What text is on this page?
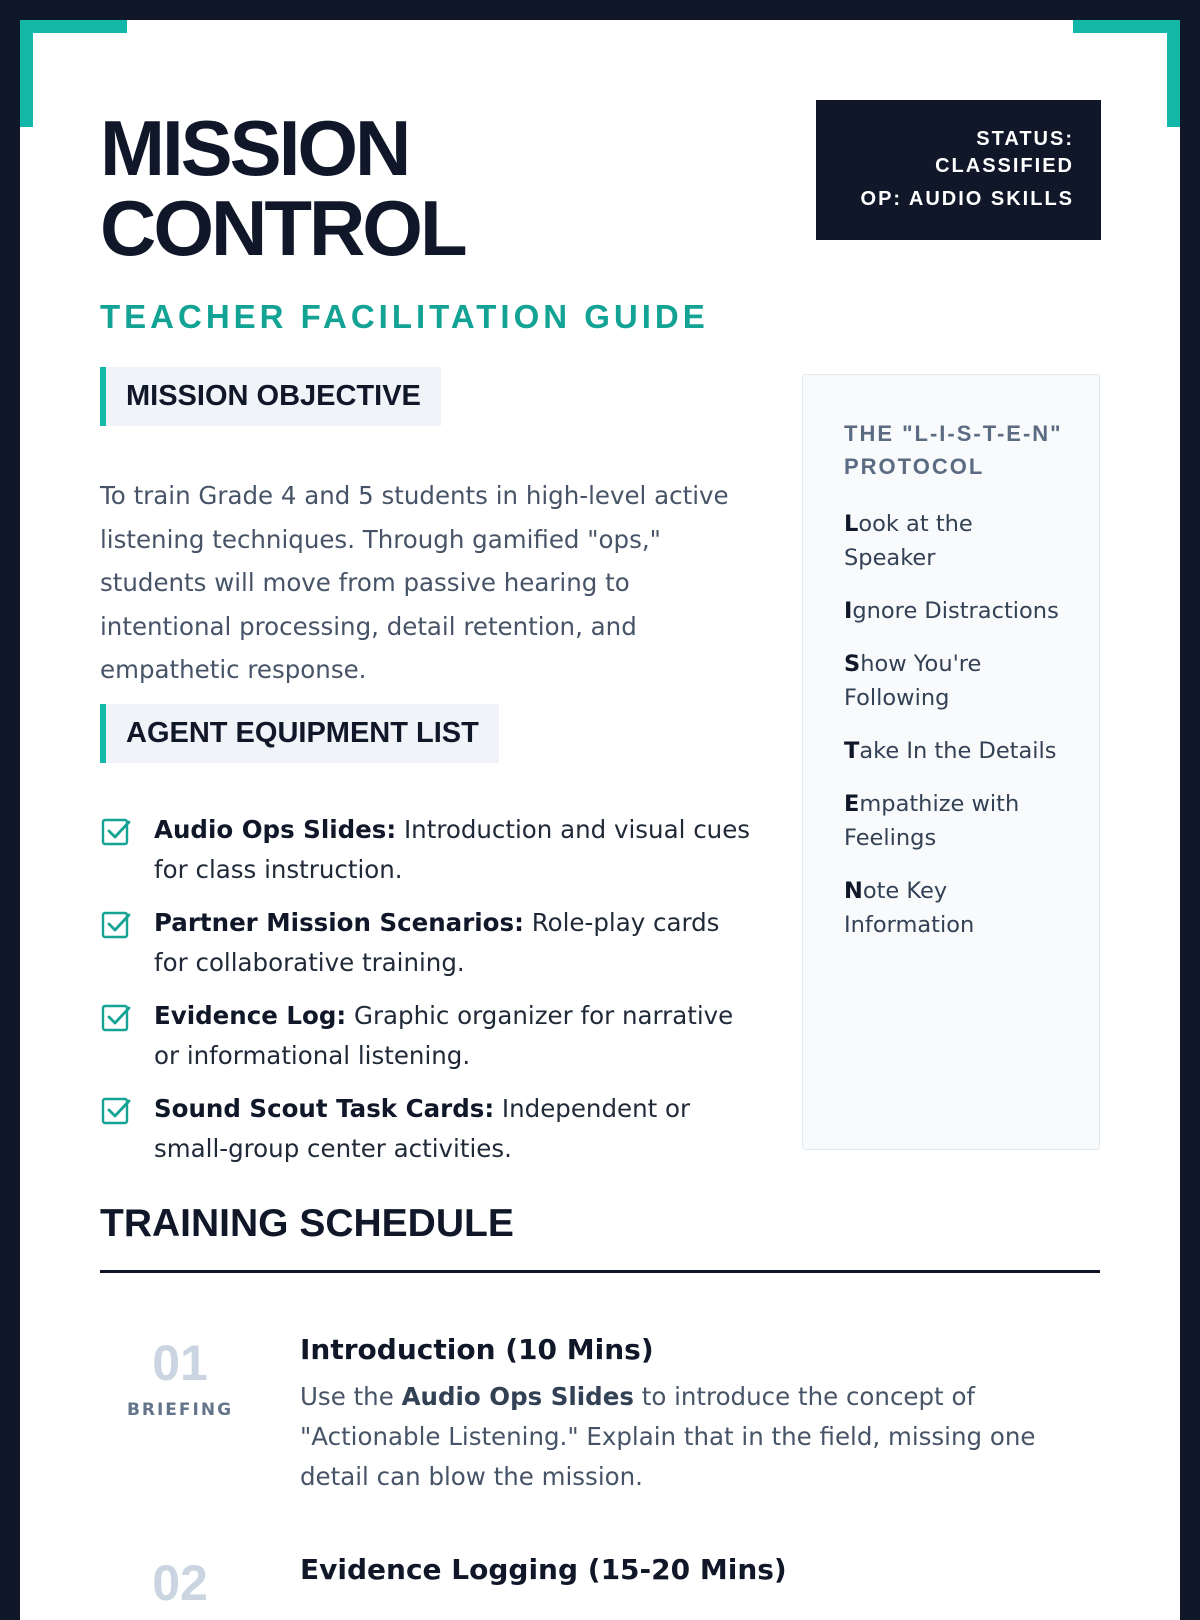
MISSION
CONTROL
TEACHER FACILITATION GUIDE
STATUS: CLASSIFIED
OP: AUDIO SKILLS
MISSION OBJECTIVE

To train Grade 4 and 5 students in high-level active listening techniques. Through gamified "ops," students will move from passive hearing to intentional processing, detail retention, and empathetic response.

AGENT EQUIPMENT LIST
Audio Ops Slides: Introduction and visual cues for class instruction.
Partner Mission Scenarios: Role-play cards for collaborative training.
Evidence Log: Graphic organizer for narrative or informational listening.
Sound Scout Task Cards: Independent or small-group center activities.
THE "L-I-S-T-E-N" PROTOCOL
Look at the Speaker
Ignore Distractions
Show You're Following
Take In the Details
Empathize with Feelings
Note Key Information
TRAINING SCHEDULE
01
BRIEFING
Introduction (10 Mins)

Use the Audio Ops Slides to introduce the concept of "Actionable Listening." Explain that in the field, missing one detail can blow the mission.

02	Evidence Logging (15-20 Mins)
